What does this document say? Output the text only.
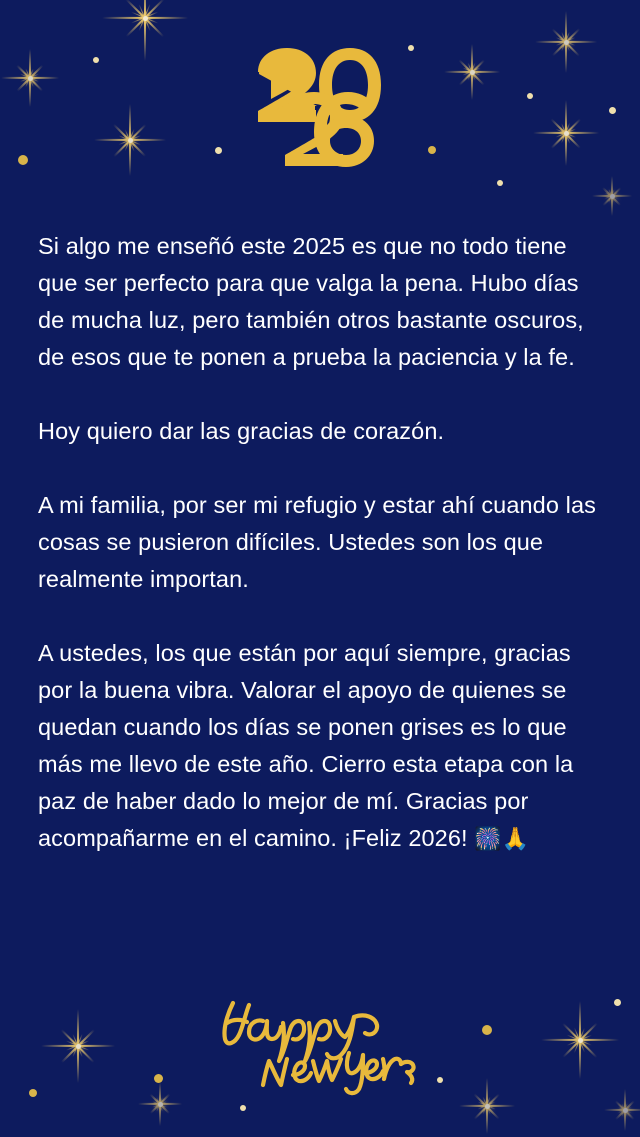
Si algo me enseñó este 2025 es que no todo tiene que ser perfecto para que valga la pena. Hubo días de mucha luz, pero también otros bastante oscuros, de esos que te ponen a prueba la paciencia y la fe.

Hoy quiero dar las gracias de corazón.

A mi familia, por ser mi refugio y estar ahí cuando las cosas se pusieron difíciles. Ustedes son los que realmente importan.

A ustedes, los que están por aquí siempre, gracias por la buena vibra. Valorar el apoyo de quienes se quedan cuando los días se ponen grises es lo que más me llevo de este año. Cierro esta etapa con la paz de haber dado lo mejor de mí. Gracias por acompañarme en el camino. ¡Feliz 2026! 🎆🙏
